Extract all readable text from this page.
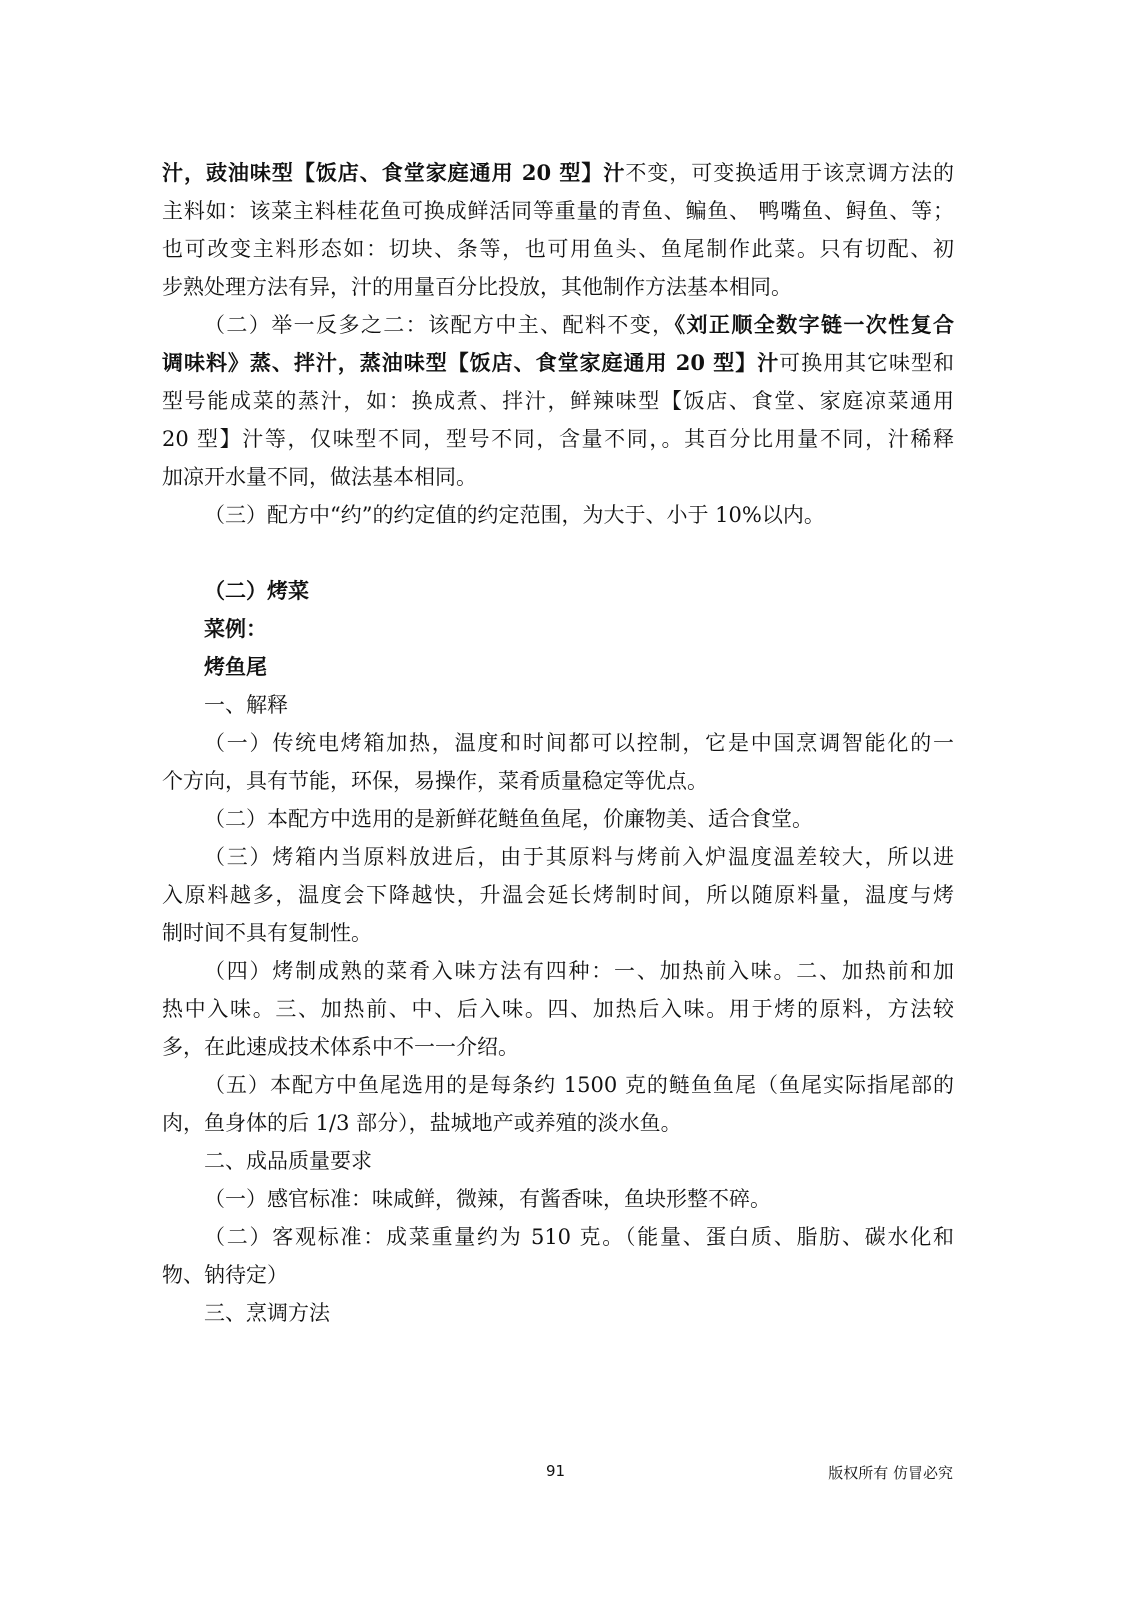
汁，豉油味型【饭店、食堂家庭通用 20 型】汁不变，可变换适用于该烹调方法的

主料如：该菜主料桂花鱼可换成鲜活同等重量的青鱼、鳊鱼、 鸭嘴鱼、鲟鱼、等；

也可改变主料形态如：切块、条等，也可用鱼头、鱼尾制作此菜。只有切配、初

步熟处理方法有异，汁的用量百分比投放，其他制作方法基本相同。

（二）举一反多之二：该配方中主、配料不变，《刘正顺全数字链一次性复合

调味料》蒸、拌汁，蒸油味型【饭店、食堂家庭通用 20 型】汁可换用其它味型和

型号能成菜的蒸汁，如：换成煮、拌汁，鲜辣味型【饭店、食堂、家庭凉菜通用

20 型】汁等，仅味型不同，型号不同，含量不同，。其百分比用量不同，汁稀释

加凉开水量不同，做法基本相同。

（三）配方中“约”的约定值的约定范围，为大于、小于 10%以内。

（二）烤菜

菜例：

烤鱼尾

一、解释

（一）传统电烤箱加热，温度和时间都可以控制，它是中国烹调智能化的一

个方向，具有节能，环保，易操作，菜肴质量稳定等优点。

（二）本配方中选用的是新鲜花鲢鱼鱼尾，价廉物美、适合食堂。

（三）烤箱内当原料放进后，由于其原料与烤前入炉温度温差较大，所以进

入原料越多，温度会下降越快，升温会延长烤制时间，所以随原料量，温度与烤

制时间不具有复制性。

（四）烤制成熟的菜肴入味方法有四种：一、加热前入味。二、加热前和加

热中入味。三、加热前、中、后入味。四、加热后入味。用于烤的原料，方法较

多，在此速成技术体系中不一一介绍。

（五）本配方中鱼尾选用的是每条约 1500 克的鲢鱼鱼尾（鱼尾实际指尾部的

肉，鱼身体的后 1/3 部分），盐城地产或养殖的淡水鱼。

二、成品质量要求

（一）感官标准：味咸鲜，微辣，有酱香味，鱼块形整不碎。

（二）客观标准：成菜重量约为 510 克。（能量、蛋白质、脂肪、碳水化和

物、钠待定）

三、烹调方法

91	版权所有 仿冒必究
